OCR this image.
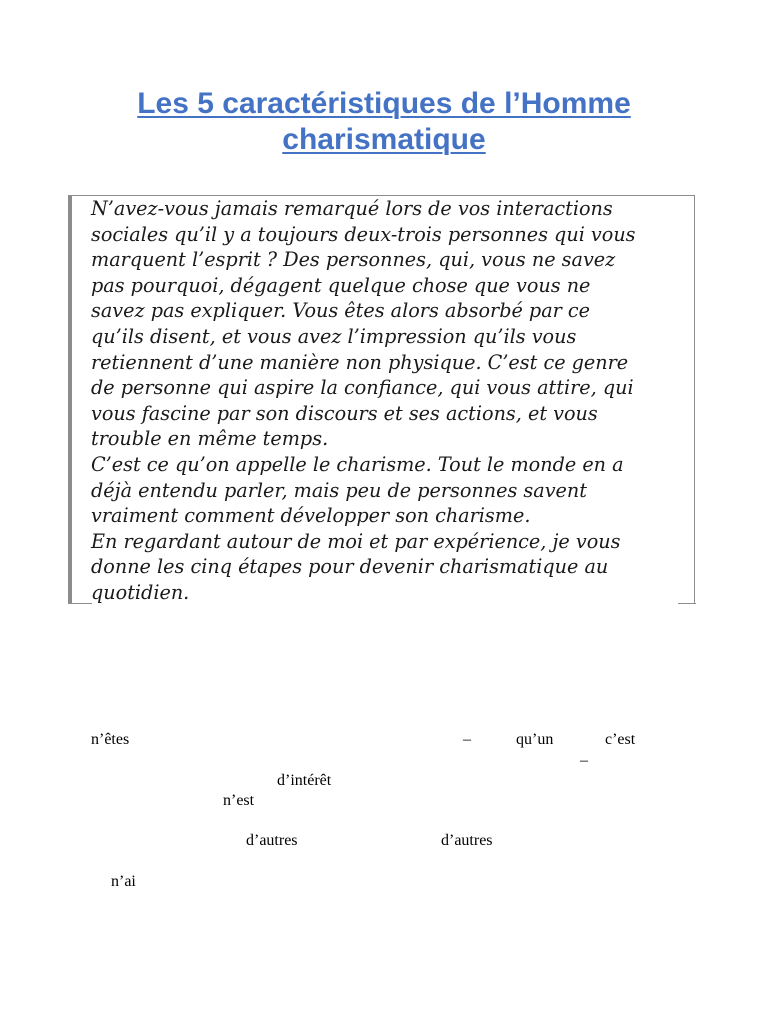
Les 5 caractéristiques de l’Homme
charismatique

N’avez-vous jamais remarqué lors de vos interactions
sociales qu’il y a toujours deux-trois personnes qui vous
marquent l’esprit ? Des personnes, qui, vous ne savez
pas pourquoi, dégagent quelque chose que vous ne
savez pas expliquer. Vous êtes alors absorbé par ce
qu’ils disent, et vous avez l’impression qu’ils vous
retiennent d’une manière non physique. C’est ce genre
de personne qui aspire la confiance, qui vous attire, qui
vous fascine par son discours et ses actions, et vous
trouble en même temps.
C’est ce qu’on appelle le charisme. Tout le monde en a
déjà entendu parler, mais peu de personnes savent
vraiment comment développer son charisme.
En regardant autour de moi et par expérience, je vous
donne les cinq étapes pour devenir charismatique au
quotidien.

n’êtes	–	qu’un	c’est
–
d’intérêt
n’est
d’autres	d’autres
n’ai
